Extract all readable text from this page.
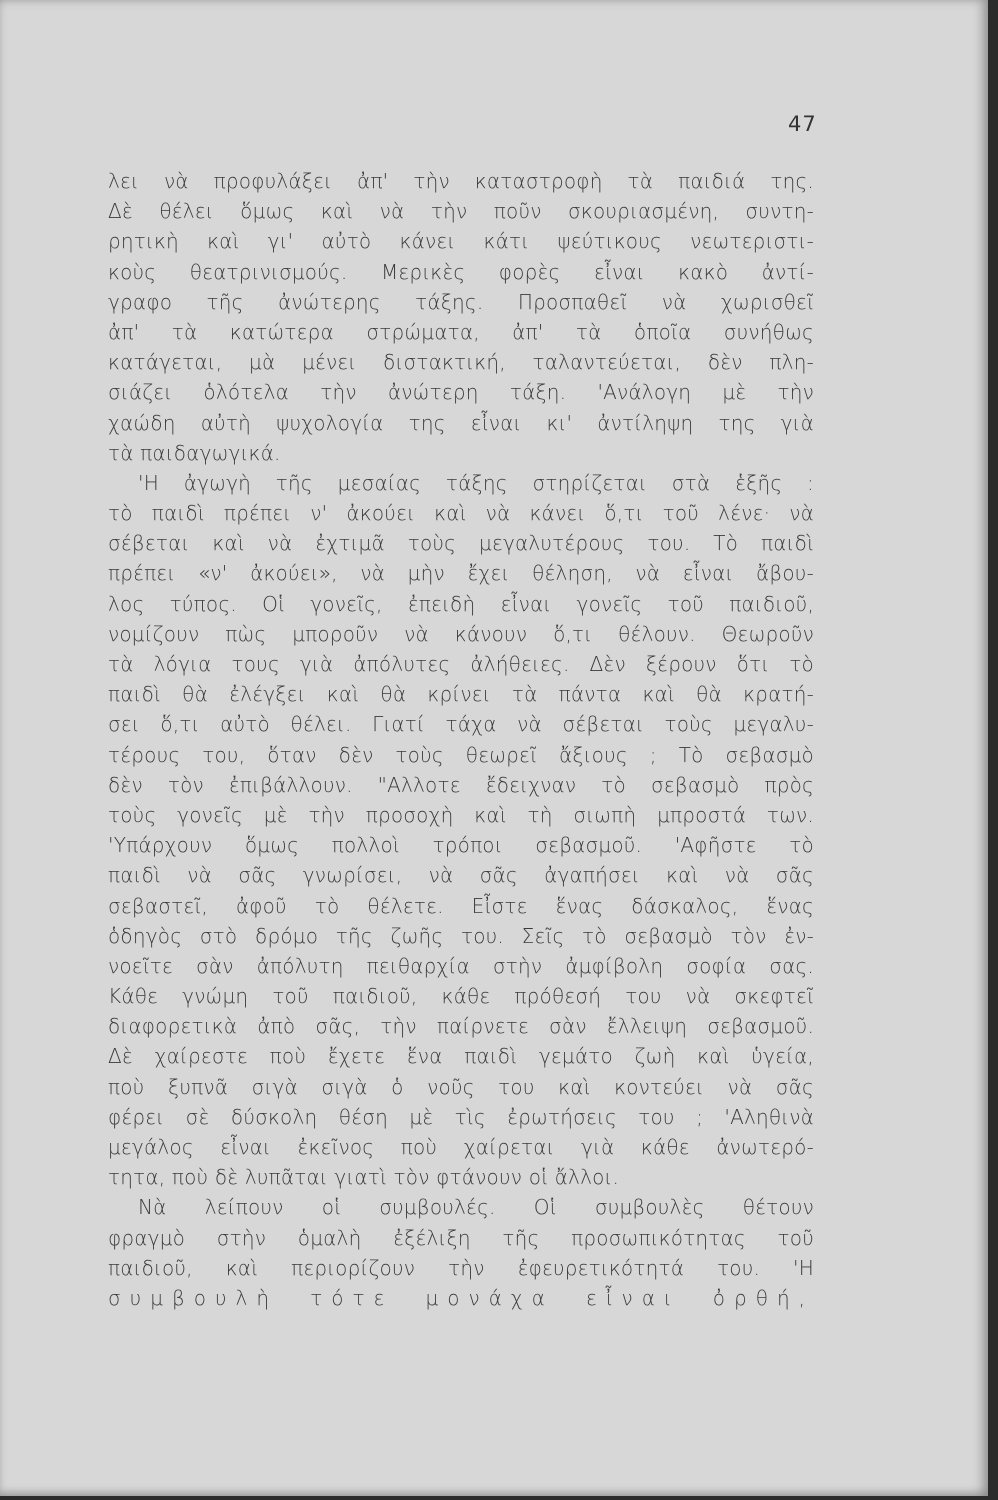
47
λει νὰ προφυλάξει ἀπ' τὴν καταστροφὴ τὰ παιδιά της.
Δὲ θέλει ὅμως καὶ νὰ τὴν ποῦν σκουριασμένη, συντη-
ρητικὴ καὶ γι' αὐτὸ κάνει κάτι ψεύτικους νεωτεριστι-
κοὺς θεατρινισμούς. Μερικὲς φορὲς εἶναι κακὸ ἀντί-
γραφο τῆς ἀνώτερης τάξης. Προσπαθεῖ νὰ χωρισθεῖ
ἀπ' τὰ κατώτερα στρώματα, ἀπ' τὰ ὁποῖα συνήθως
κατάγεται, μὰ μένει διστακτική, ταλαντεύεται, δὲν πλη-
σιάζει ὁλότελα τὴν ἀνώτερη τάξη. 'Ανάλογη μὲ τὴν
χαώδη αὐτὴ ψυχολογία της εἶναι κι' ἀντίληψη της γιὰ
τὰ παιδαγωγικά.
'Η ἀγωγὴ τῆς μεσαίας τάξης στηρίζεται στὰ ἑξῆς :
τὸ παιδὶ πρέπει ν' ἀκούει καὶ νὰ κάνει ὅ,τι τοῦ λένε· νὰ
σέβεται καὶ νὰ ἐχτιμᾶ τοὺς μεγαλυτέρους του. Τὸ παιδὶ
πρέπει «ν' ἀκούει», νὰ μὴν ἔχει θέληση, νὰ εἶναι ἄβου-
λος τύπος. Οἱ γονεῖς, ἐπειδὴ εἶναι γονεῖς τοῦ παιδιοῦ,
νομίζουν πὼς μποροῦν νὰ κάνουν ὅ,τι θέλουν. Θεωροῦν
τὰ λόγια τους γιὰ ἀπόλυτες ἀλήθειες. Δὲν ξέρουν ὅτι τὸ
παιδὶ θὰ ἐλέγξει καὶ θὰ κρίνει τὰ πάντα καὶ θὰ κρατή-
σει ὅ,τι αὐτὸ θέλει. Γιατί τάχα νὰ σέβεται τοὺς μεγαλυ-
τέρους του, ὅταν δὲν τοὺς θεωρεῖ ἄξιους ; Τὸ σεβασμὸ
δὲν τὸν ἐπιβάλλουν. "Αλλοτε ἔδειχναν τὸ σεβασμὸ πρὸς
τοὺς γονεῖς μὲ τὴν προσοχὴ καὶ τὴ σιωπὴ μπροστά των.
'Υπάρχουν ὅμως πολλοὶ τρόποι σεβασμοῦ. 'Αφῆστε τὸ
παιδὶ νὰ σᾶς γνωρίσει, νὰ σᾶς ἀγαπήσει καὶ νὰ σᾶς
σεβαστεῖ, ἀφοῦ τὸ θέλετε. Εἶστε ἕνας δάσκαλος, ἕνας
ὁδηγὸς στὸ δρόμο τῆς ζωῆς του. Σεῖς τὸ σεβασμὸ τὸν ἐν-
νοεῖτε σὰν ἀπόλυτη πειθαρχία στὴν ἀμφίβολη σοφία σας.
Κάθε γνώμη τοῦ παιδιοῦ, κάθε πρόθεσή του νὰ σκεφτεῖ
διαφορετικὰ ἀπὸ σᾶς, τὴν παίρνετε σὰν ἔλλειψη σεβασμοῦ.
Δὲ χαίρεστε ποὺ ἔχετε ἕνα παιδὶ γεμάτο ζωὴ καὶ ὑγεία,
ποὺ ξυπνᾶ σιγὰ σιγὰ ὁ νοῦς του καὶ κοντεύει νὰ σᾶς
φέρει σὲ δύσκολη θέση μὲ τὶς ἐρωτήσεις του ; 'Αληθινὰ
μεγάλος εἶναι ἐκεῖνος ποὺ χαίρεται γιὰ κάθε ἀνωτερό-
τητα, ποὺ δὲ λυπᾶται γιατὶ τὸν φτάνουν οἱ ἄλλοι.
Νὰ λείπουν οἱ συμβουλές. Οἱ συμβουλὲς θέτουν
φραγμὸ στὴν ὁμαλὴ ἐξέλιξη τῆς προσωπικότητας τοῦ
παιδιοῦ, καὶ περιορίζουν τὴν ἐφευρετικότητά του. 'Η
συμβουλὴ τότε μονάχα εἶναι ὀρθή,
